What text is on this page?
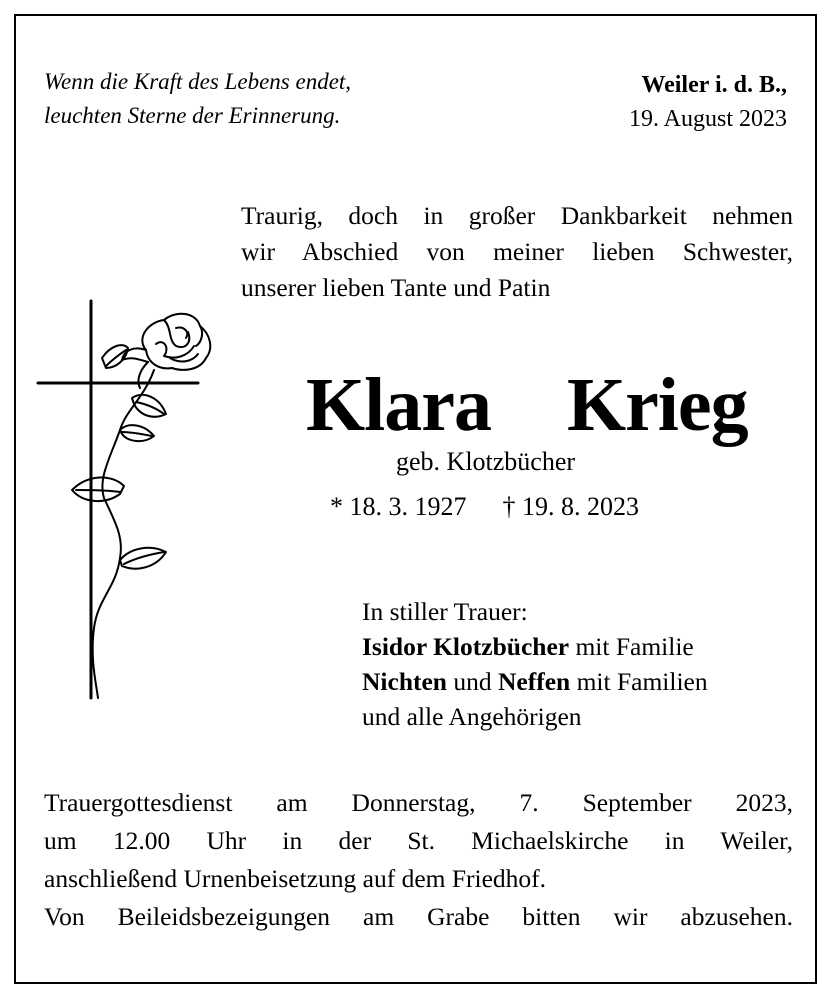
Wenn die Kraft des Lebens endet,
leuchten Sterne der Erinnerung.
Weiler i. d. B.,
19. August 2023
Traurig, doch in großer Dankbarkeit nehmen
wir Abschied von meiner lieben Schwester,
unserer lieben Tante und Patin
Klara  Krieg
geb. Klotzbücher
* 18. 3. 1927 † 19. 8. 2023
In stiller Trauer:
Isidor Klotzbücher mit Familie
Nichten und Neffen mit Familien
und alle Angehörigen
Trauergottesdienst am Donnerstag, 7. September 2023,
um 12.00 Uhr in der St. Michaelskirche in Weiler,
anschließend Urnenbeisetzung auf dem Friedhof.
Von Beileidsbezeigungen am Grabe bitten wir abzusehen.
